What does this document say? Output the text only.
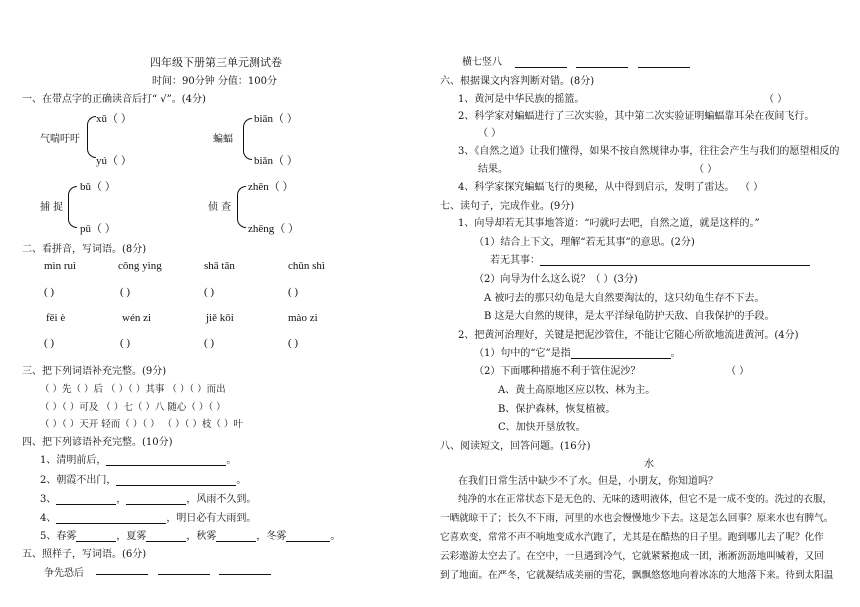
四年级下册第三单元测试卷
时间：90分钟 分值：100分
一、在带点字的正确读音后打“ √”。(4分)
气喘吁吁
xū（ ）
yú（ ）
蝙蝠
biān（ ）
biǎn（ ）
捕 捉
bǔ（ ）
pǔ（ ）
侦 查
zhēn（ ）
zhēng（ ）
二、看拼音，写词语。(8分)
mìn ruì	cōng yìng	shā tān	chǔn shì
( )	( )	( )	( )
fēi è	wén zi	jiě kōi	mào zi
( )	( )	( )	( )
三、把下列词语补充完整。(9分)
（ ）先（ ）后 （ ）（ ）其事 （ ）（ ）而出
（ ）（ ）可及 （ ）七（ ）八 随心（ ）（ ）
（ ）（ ）天开 轻而（ ）（ ） （ ）（ ）枝（ ）叶
四、把下列谚语补充完整。(10分)
1、清明前后，	。
2、朝霞不出门，	。
3、	，	，风雨不久到。
4、	，明日必有大雨到。
5、春雾	，夏雾	，秋雾	，冬雾	。
五、照样子，写词语。(6分)
争先恐后

横七竖八
六、根据课文内容判断对错。(8分)
1、黄河是中华民族的摇篮。	（ ）
2、科学家对蝙蝠进行了三次实验，其中第二次实验证明蝙蝠靠耳朵在夜间飞行。
（ ）
3、《自然之道》让我们懂得，如果不按自然规律办事，往往会产生与我们的愿望相反的
结果。	（ ）
4、科学家探究蝙蝠飞行的奥秘，从中得到启示，发明了雷达。 （ ）
七、读句子，完成作业。(9分)
1、向导却若无其事地答道：“叼就叼去吧，自然之道，就是这样的。”
（1）结合上下文，理解“若无其事”的意思。(2分)
若无其事：
（2）向导为什么这么说？（ ）(3分)
A 被叼去的那只幼龟是大自然要淘汰的，这只幼龟生存不下去。
B 这是大自然的规律，是太平洋绿龟防护天敌、自我保护的手段。
2、把黄河治理好，关键是把泥沙管住，不能让它随心所欲地流进黄河。(4分)
（1）句中的“它”是指	。
（2）下面哪种措施不利于管住泥沙？	（ ）
A、黄土高原地区应以牧、林为主。
B、保护森林，恢复植被。
C、加快开垦放牧。
八、阅读短文，回答问题。(16分)
水
在我们日常生活中缺少不了水。但是，小朋友，你知道吗？
纯净的水在正常状态下是无色的、无味的透明液体，但它不是一成不变的。洗过的衣服，
一晒就晾干了；长久不下雨，河里的水也会慢慢地少下去。这是怎么回事？原来水也有脾气。
它喜欢变，常常不声不响地变成水汽跑了，尤其是在酷热的日子里。跑到哪儿去了呢？化作
云彩遨游太空去了。在空中，一旦遇到冷气，它就紧紧抱成一团，淅淅沥沥地叫喊着，又回
到了地面。在严冬，它就凝结成美丽的雪花，飘飘悠悠地向着冰冻的大地落下来。待到太阳温
